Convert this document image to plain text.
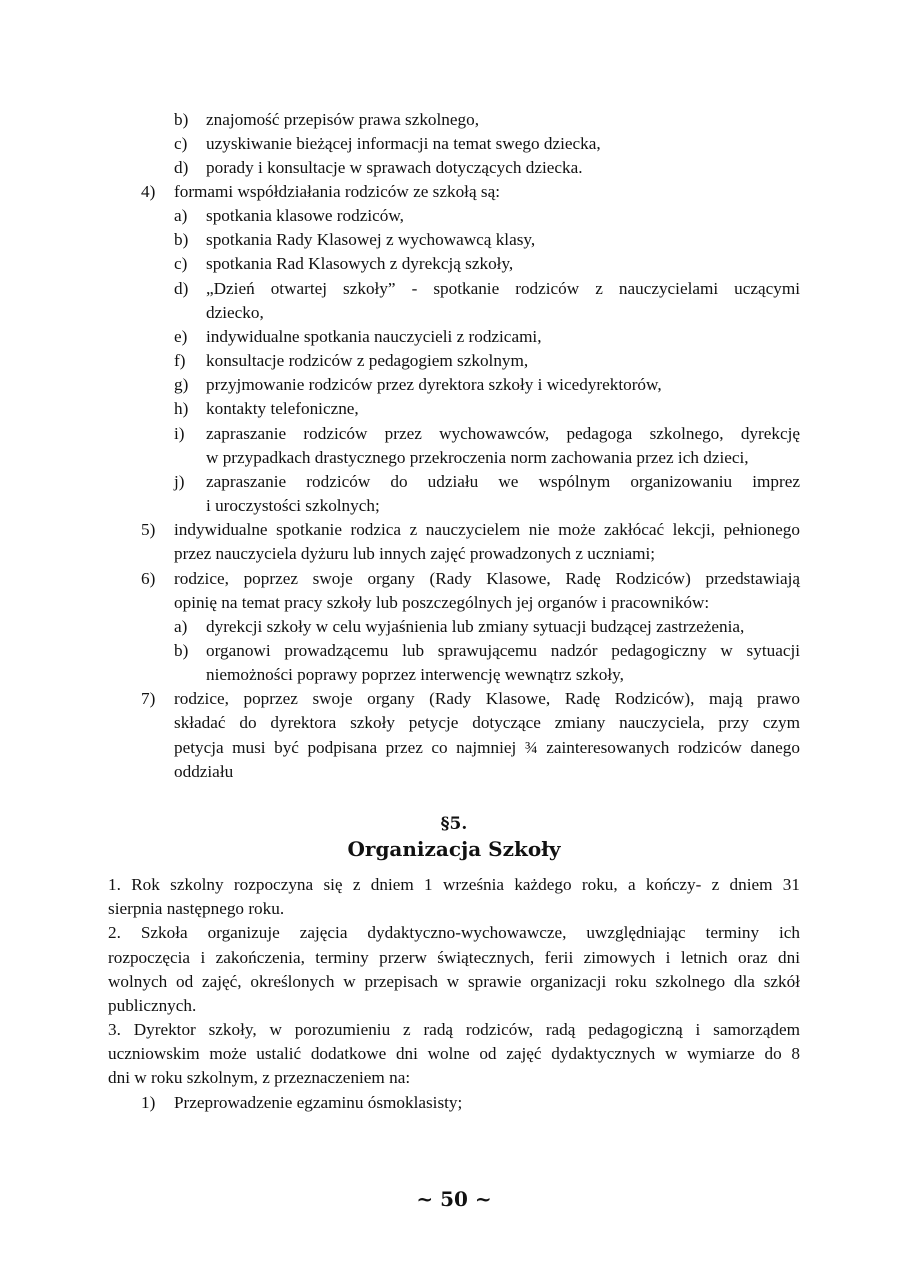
b) znajomość przepisów prawa szkolnego,
c) uzyskiwanie bieżącej informacji na temat swego dziecka,
d) porady i konsultacje w sprawach dotyczących dziecka.
4) formami współdziałania rodziców ze szkołą są:
a) spotkania klasowe rodziców,
b) spotkania Rady Klasowej z wychowawcą klasy,
c) spotkania Rad Klasowych z dyrekcją szkoły,
d) „Dzień otwartej szkoły” - spotkanie rodziców z nauczycielami uczącymi
dziecko,
e) indywidualne spotkania nauczycieli z rodzicami,
f) konsultacje rodziców z pedagogiem szkolnym,
g) przyjmowanie rodziców przez dyrektora szkoły i wicedyrektorów,
h) kontakty telefoniczne,
i) zapraszanie rodziców przez wychowawców, pedagoga szkolnego, dyrekcję
w przypadkach drastycznego przekroczenia norm zachowania przez ich dzieci,
j) zapraszanie rodziców do udziału we wspólnym organizowaniu imprez
i uroczystości szkolnych;
5) indywidualne spotkanie rodzica z nauczycielem nie może zakłócać lekcji, pełnionego
przez nauczyciela dyżuru lub innych zajęć prowadzonych z uczniami;
6) rodzice, poprzez swoje organy (Rady Klasowe, Radę Rodziców) przedstawiają
opinię na temat pracy szkoły lub poszczególnych jej organów i pracowników:
a) dyrekcji szkoły w celu wyjaśnienia lub zmiany sytuacji budzącej zastrzeżenia,
b) organowi prowadzącemu lub sprawującemu nadzór pedagogiczny w sytuacji
niemożności poprawy poprzez interwencję wewnątrz szkoły,
7) rodzice, poprzez swoje organy (Rady Klasowe, Radę Rodziców), mają prawo
składać do dyrektora szkoły petycje dotyczące zmiany nauczyciela, przy czym
petycja musi być podpisana przez co najmniej ¾ zainteresowanych rodziców danego
oddziału
§5.
Organizacja Szkoły
1. Rok szkolny rozpoczyna się z dniem 1 września każdego roku, a kończy- z dniem 31
sierpnia następnego roku.
2. Szkoła organizuje zajęcia dydaktyczno-wychowawcze, uwzględniając terminy ich
rozpoczęcia i zakończenia, terminy przerw świątecznych, ferii zimowych i letnich oraz dni
wolnych od zajęć, określonych w przepisach w sprawie organizacji roku szkolnego dla szkół
publicznych.
3. Dyrektor szkoły, w porozumieniu z radą rodziców, radą pedagogiczną i samorządem
uczniowskim może ustalić dodatkowe dni wolne od zajęć dydaktycznych w wymiarze do 8
dni w roku szkolnym, z przeznaczeniem na:
1) Przeprowadzenie egzaminu ósmoklasisty;
~ 50 ~
